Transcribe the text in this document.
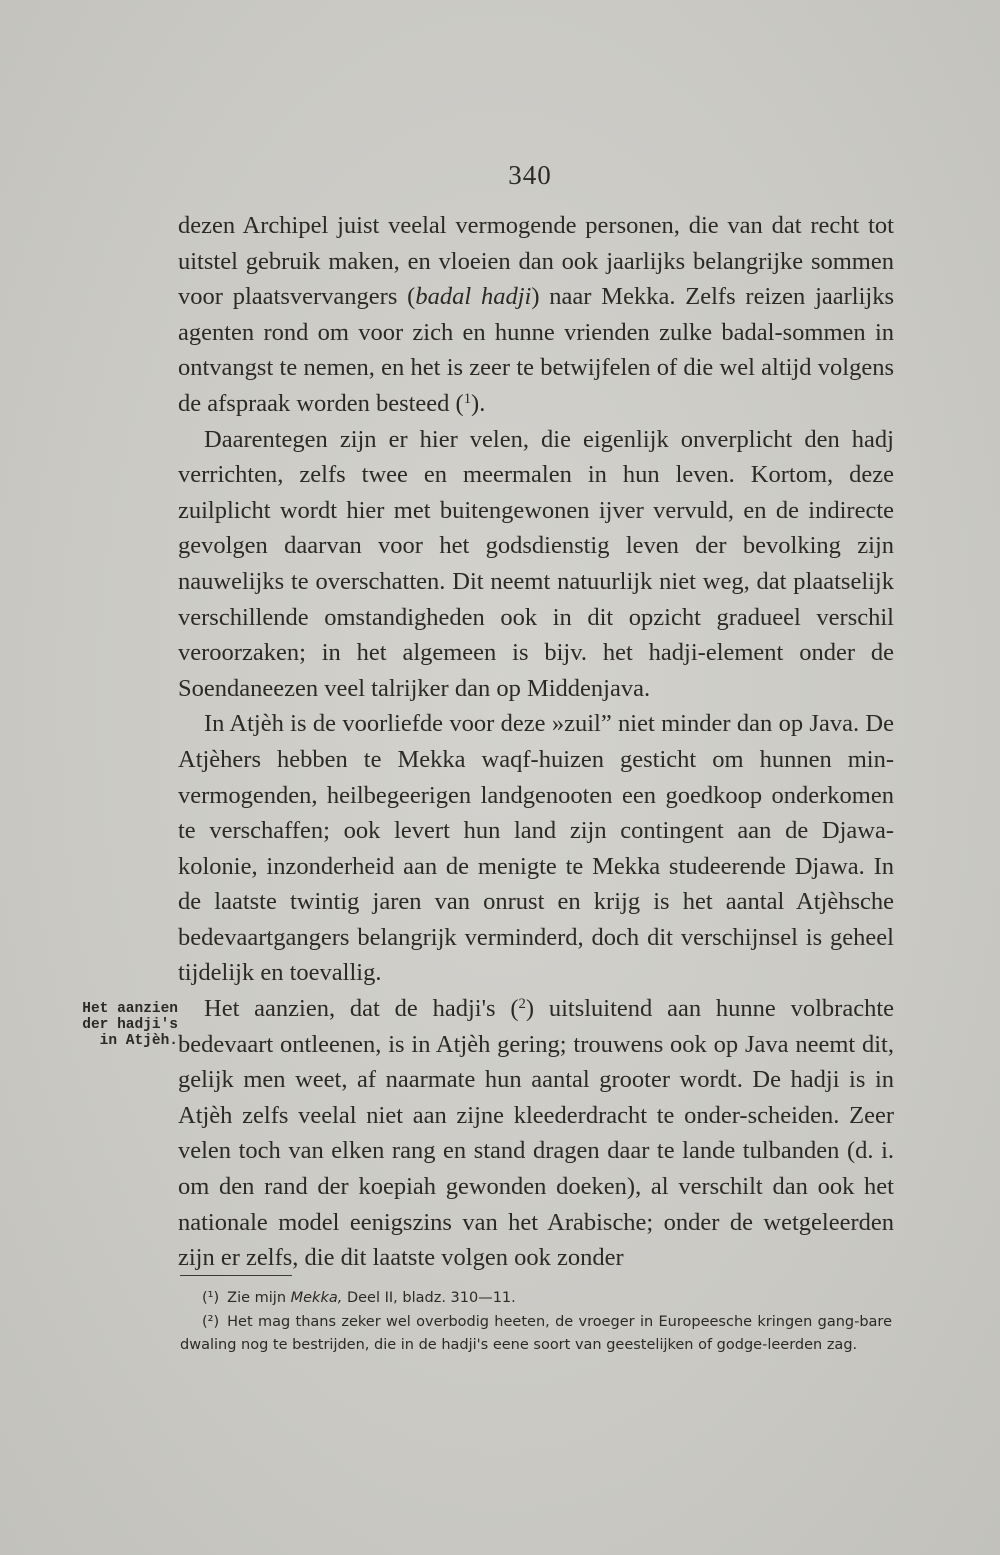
340
Het aanzien
der hadji's
in Atjèh.

dezen Archipel juist veelal vermogende personen, die van dat recht tot uitstel gebruik maken, en vloeien dan ook jaarlijks belangrijke sommen voor plaatsvervangers (badal hadji) naar Mekka. Zelfs reizen jaarlijks agenten rond om voor zich en hunne vrienden zulke badal-sommen in ontvangst te nemen, en het is zeer te betwijfelen of die wel altijd volgens de afspraak worden besteed ($^1$).

Daarentegen zijn er hier velen, die eigenlijk onverplicht den hadj verrichten, zelfs twee en meermalen in hun leven. Kortom, deze zuilplicht wordt hier met buitengewonen ijver vervuld, en de indirecte gevolgen daarvan voor het godsdienstig leven der bevolking zijn nauwelijks te overschatten. Dit neemt natuurlijk niet weg, dat plaatselijk verschillende omstandigheden ook in dit opzicht gradueel verschil veroorzaken; in het algemeen is bijv. het hadji-element onder de Soendaneezen veel talrijker dan op Middenjava.

In Atjèh is de voorliefde voor deze »zuil” niet minder dan op Java. De Atjèhers hebben te Mekka waqf-huizen gesticht om hunnen min-vermogenden, heilbegeerigen landgenooten een goedkoop onderkomen te verschaffen; ook levert hun land zijn contingent aan de Djawa-kolonie, inzonderheid aan de menigte te Mekka studeerende Djawa. In de laatste twintig jaren van onrust en krijg is het aantal Atjèhsche bedevaartgangers belangrijk verminderd, doch dit verschijnsel is geheel tijdelijk en toevallig.

Het aanzien, dat de hadji's ($^2$) uitsluitend aan hunne volbrachte bedevaart ontleenen, is in Atjèh gering; trouwens ook op Java neemt dit, gelijk men weet, af naarmate hun aantal grooter wordt. De hadji is in Atjèh zelfs veelal niet aan zijne kleederdracht te onder-scheiden. Zeer velen toch van elken rang en stand dragen daar te lande tulbanden (d. i. om den rand der koepiah gewonden doeken), al verschilt dan ook het nationale model eenigszins van het Arabische; onder de wetgeleerden zijn er zelfs, die dit laatste volgen ook zonder

(¹) Zie mijn Mekka, Deel II, bladz. 310—11.

(²) Het mag thans zeker wel overbodig heeten, de vroeger in Europeesche kringen gang-bare dwaling nog te bestrijden, die in de hadji's eene soort van geestelijken of godge-leerden zag.
